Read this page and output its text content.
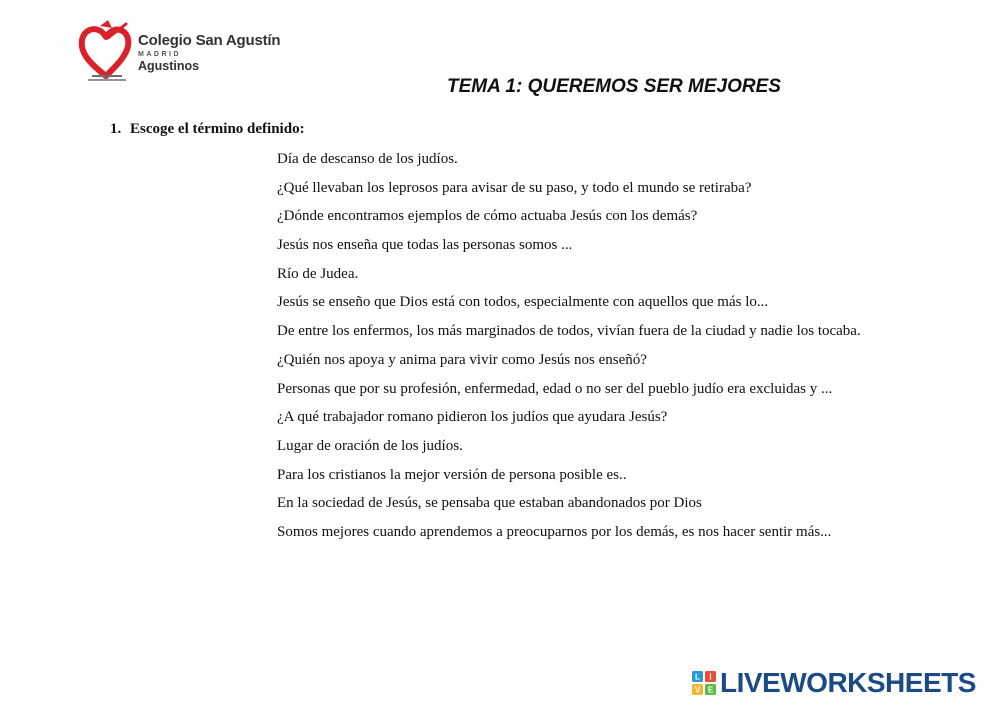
Colegio San Agustín
MADRID
Agustinos
TEMA 1: QUEREMOS SER MEJORES
1. Escoge el término definido:
Día de descanso de los judíos.
¿Qué llevaban los leprosos para avisar de su paso, y todo el mundo se retiraba?
¿Dónde encontramos ejemplos de cómo actuaba Jesús con los demás?
Jesús nos enseña que todas las personas somos ...
Río de Judea.
Jesús se enseño que Dios está con todos, especialmente con aquellos que más lo...
De entre los enfermos, los más marginados de todos, vivían fuera de la ciudad y nadie los tocaba.
¿Quién nos apoya y anima para vivir como Jesús nos enseñó?
Personas que por su profesión, enfermedad, edad o no ser del pueblo judío era excluidas y ...
¿A qué trabajador romano pidieron los judíos que ayudara Jesús?
Lugar de oración de los judíos.
Para los cristianos la mejor versión de persona posible es..
En la sociedad de Jesús, se pensaba que estaban abandonados por Dios
Somos mejores cuando aprendemos a preocuparnos por los demás, es nos hacer sentir más...
L I
V E LIVEWORKSHEETS
